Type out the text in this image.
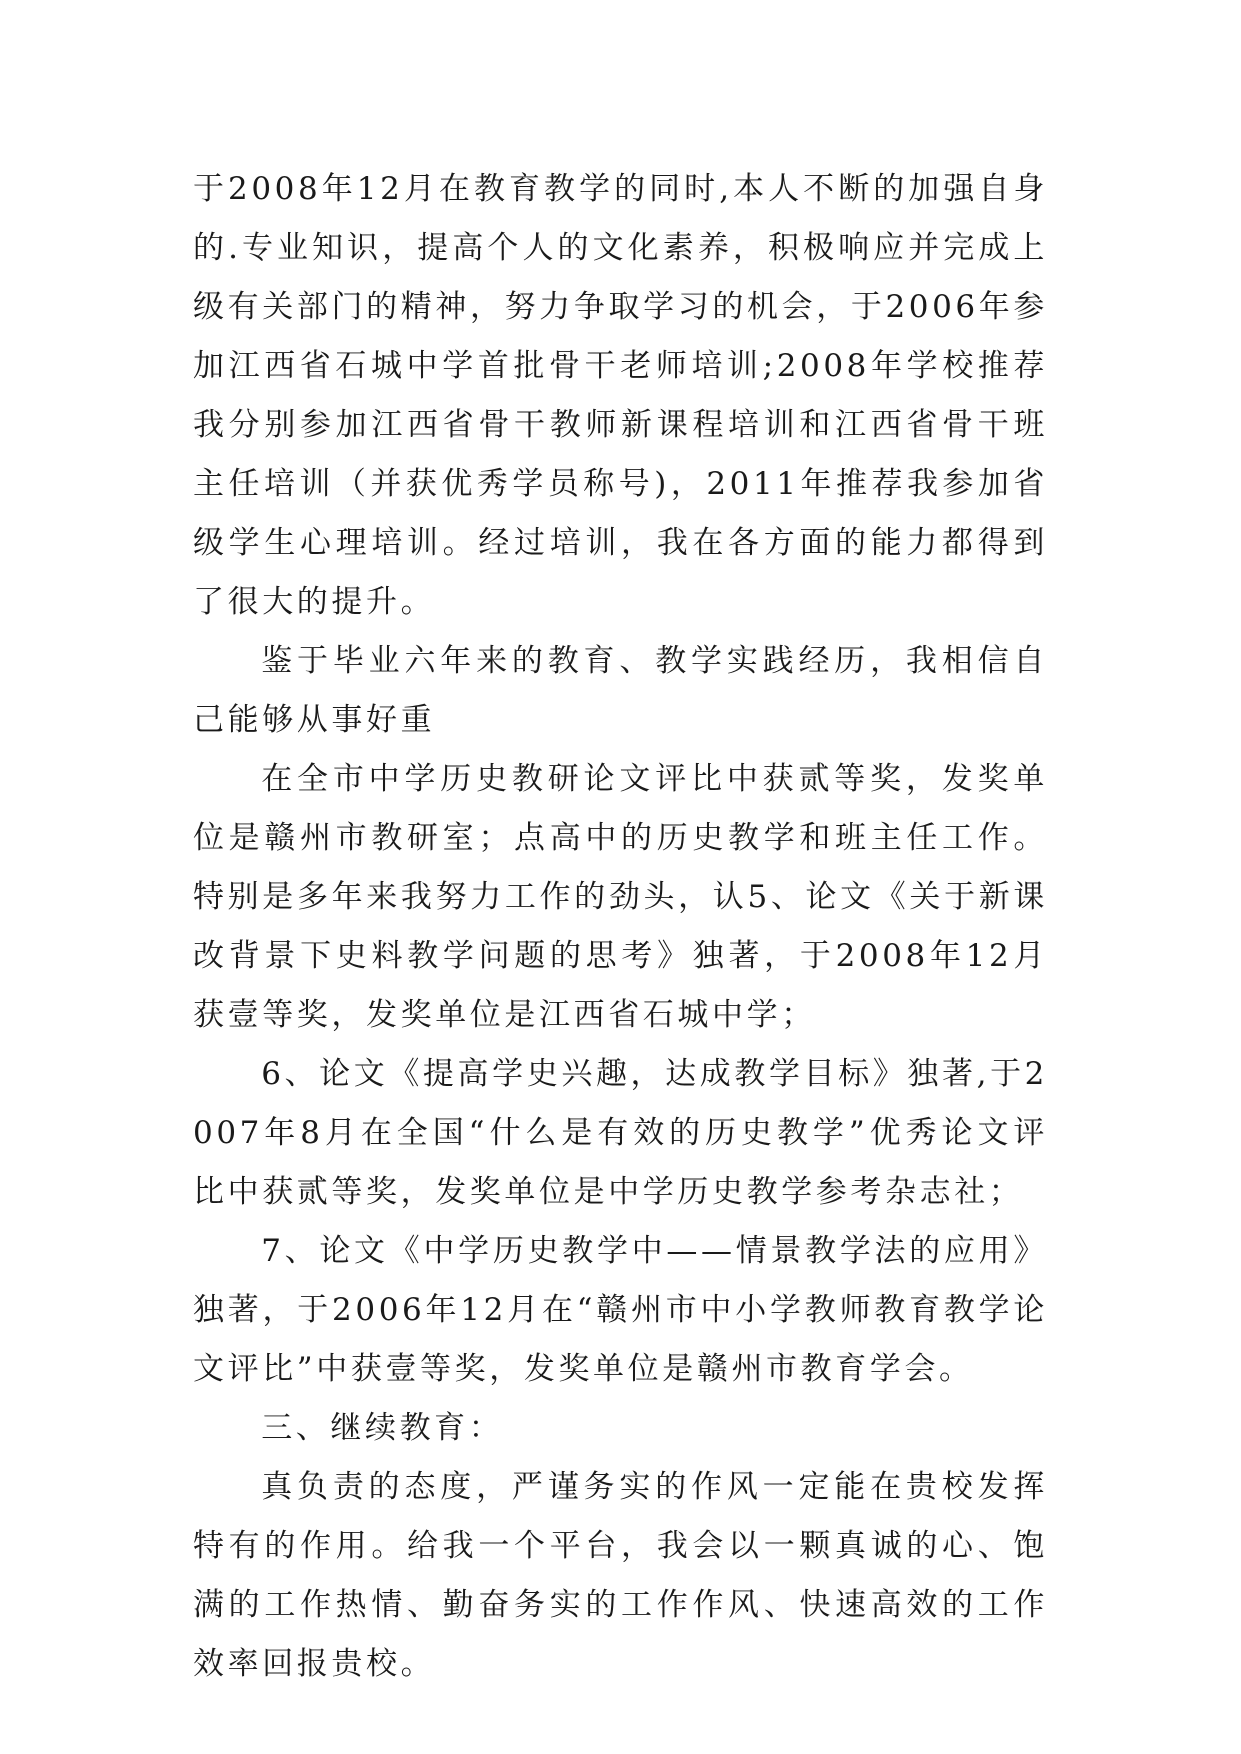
于2008年12月在教育教学的同时,本人不断的加强自身的.专业知识，提高个人的文化素养，积极响应并完成上级有关部门的精神，努力争取学习的机会，于2006年参加江西省石城中学首批骨干老师培训;2008年学校推荐我分别参加江西省骨干教师新课程培训和江西省骨干班主任培训（并获优秀学员称号)，2011年推荐我参加省级学生心理培训。经过培训，我在各方面的能力都得到了很大的提升。

鉴于毕业六年来的教育、教学实践经历，我相信自己能够从事好重

在全市中学历史教研论文评比中获贰等奖，发奖单位是赣州市教研室；点高中的历史教学和班主任工作。特别是多年来我努力工作的劲头，认5、论文《关于新课改背景下史料教学问题的思考》独著，于2008年12月获壹等奖，发奖单位是江西省石城中学；

6、论文《提高学史兴趣，达成教学目标》独著,于2007年8月在全国“什么是有效的历史教学”优秀论文评比中获贰等奖，发奖单位是中学历史教学参考杂志社；

7、论文《中学历史教学中——情景教学法的应用》独著，于2006年12月在“赣州市中小学教师教育教学论文评比”中获壹等奖，发奖单位是赣州市教育学会。

三、继续教育：

真负责的态度，严谨务实的作风一定能在贵校发挥特有的作用。给我一个平台，我会以一颗真诚的心、饱满的工作热情、勤奋务实的工作作风、快速高效的工作效率回报贵校。
